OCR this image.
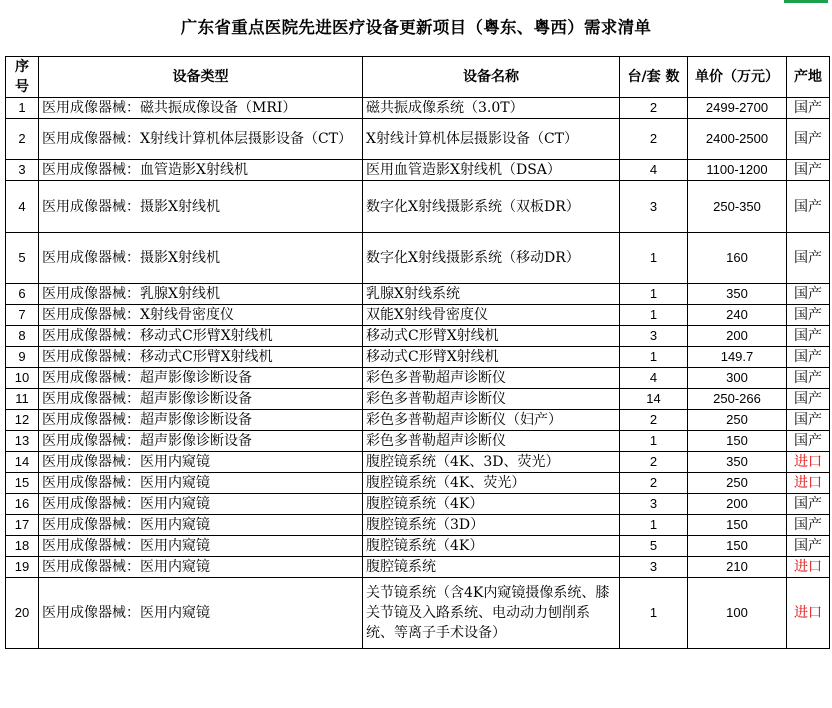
广东省重点医院先进医疗设备更新项目（粤东、粤西）需求清单
序号	设备类型	设备名称	台/套 数	单价（万元）	产地
1	医用成像器械：磁共振成像设备（MRI）	磁共振成像系统（3.0T）	2	2499-2700	国产
2	医用成像器械：X射线计算机体层摄影设备（CT）	X射线计算机体层摄影设备（CT）	2	2400-2500	国产
3	医用成像器械：血管造影X射线机	医用血管造影X射线机（DSA）	4	1100-1200	国产
4	医用成像器械：摄影X射线机	数字化X射线摄影系统（双板DR）	3	250-350	国产
5	医用成像器械：摄影X射线机	数字化X射线摄影系统（移动DR）	1	160	国产
6	医用成像器械：乳腺X射线机	乳腺X射线系统	1	350	国产
7	医用成像器械：X射线骨密度仪	双能X射线骨密度仪	1	240	国产
8	医用成像器械：移动式C形臂X射线机	移动式C形臂X射线机	3	200	国产
9	医用成像器械：移动式C形臂X射线机	移动式C形臂X射线机	1	149.7	国产
10	医用成像器械：超声影像诊断设备	彩色多普勒超声诊断仪	4	300	国产
11	医用成像器械：超声影像诊断设备	彩色多普勒超声诊断仪	14	250-266	国产
12	医用成像器械：超声影像诊断设备	彩色多普勒超声诊断仪（妇产）	2	250	国产
13	医用成像器械：超声影像诊断设备	彩色多普勒超声诊断仪	1	150	国产
14	医用成像器械：医用内窥镜	腹腔镜系统（4K、3D、荧光）	2	350	进口
15	医用成像器械：医用内窥镜	腹腔镜系统（4K、荧光）	2	250	进口
16	医用成像器械：医用内窥镜	腹腔镜系统（4K）	3	200	国产
17	医用成像器械：医用内窥镜	腹腔镜系统（3D）	1	150	国产
18	医用成像器械：医用内窥镜	腹腔镜系统（4K）	5	150	国产
19	医用成像器械：医用内窥镜	腹腔镜系统	3	210	进口
20	医用成像器械：医用内窥镜	关节镜系统（含4K内窥镜摄像系统、膝关节镜及入路系统、电动动力刨削系统、等离子手术设备）	1	100	进口
